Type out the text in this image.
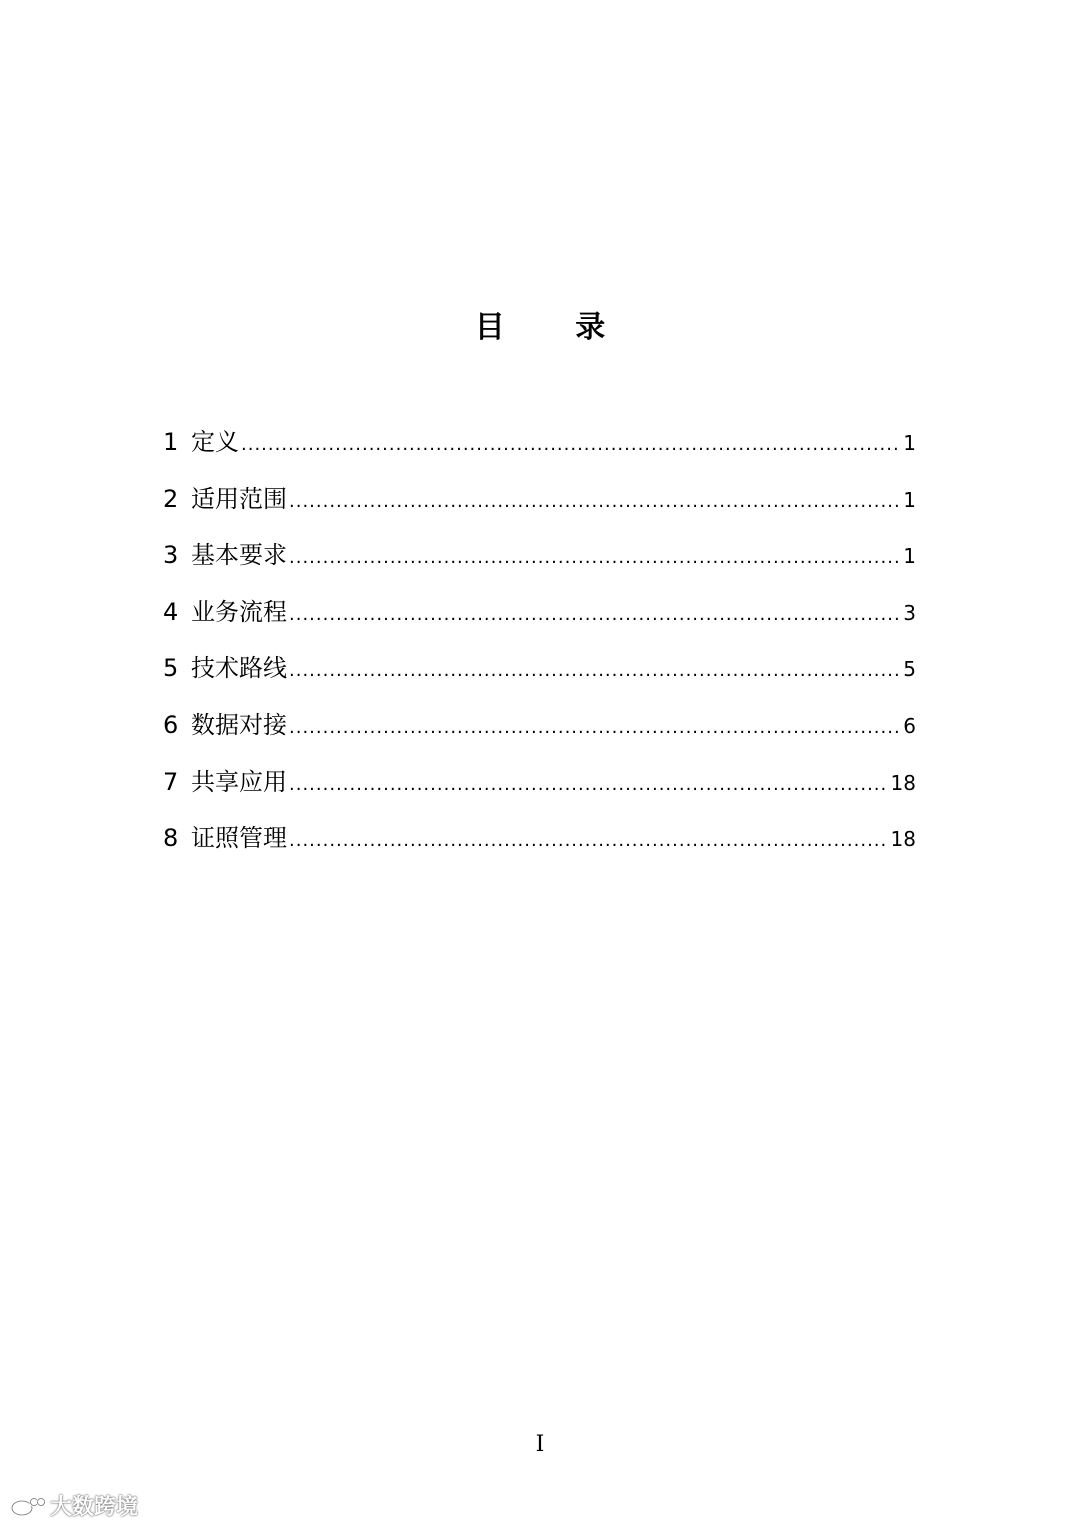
目 录
1 定义 .....	1
2 适用范围 .....	1
3 基本要求 .....	1
4 业务流程 .....	3
5 技术路线 .....	5
6 数据对接 .....	6
7 共享应用 .....	18
8 证照管理 .....	18
I
大数跨境
